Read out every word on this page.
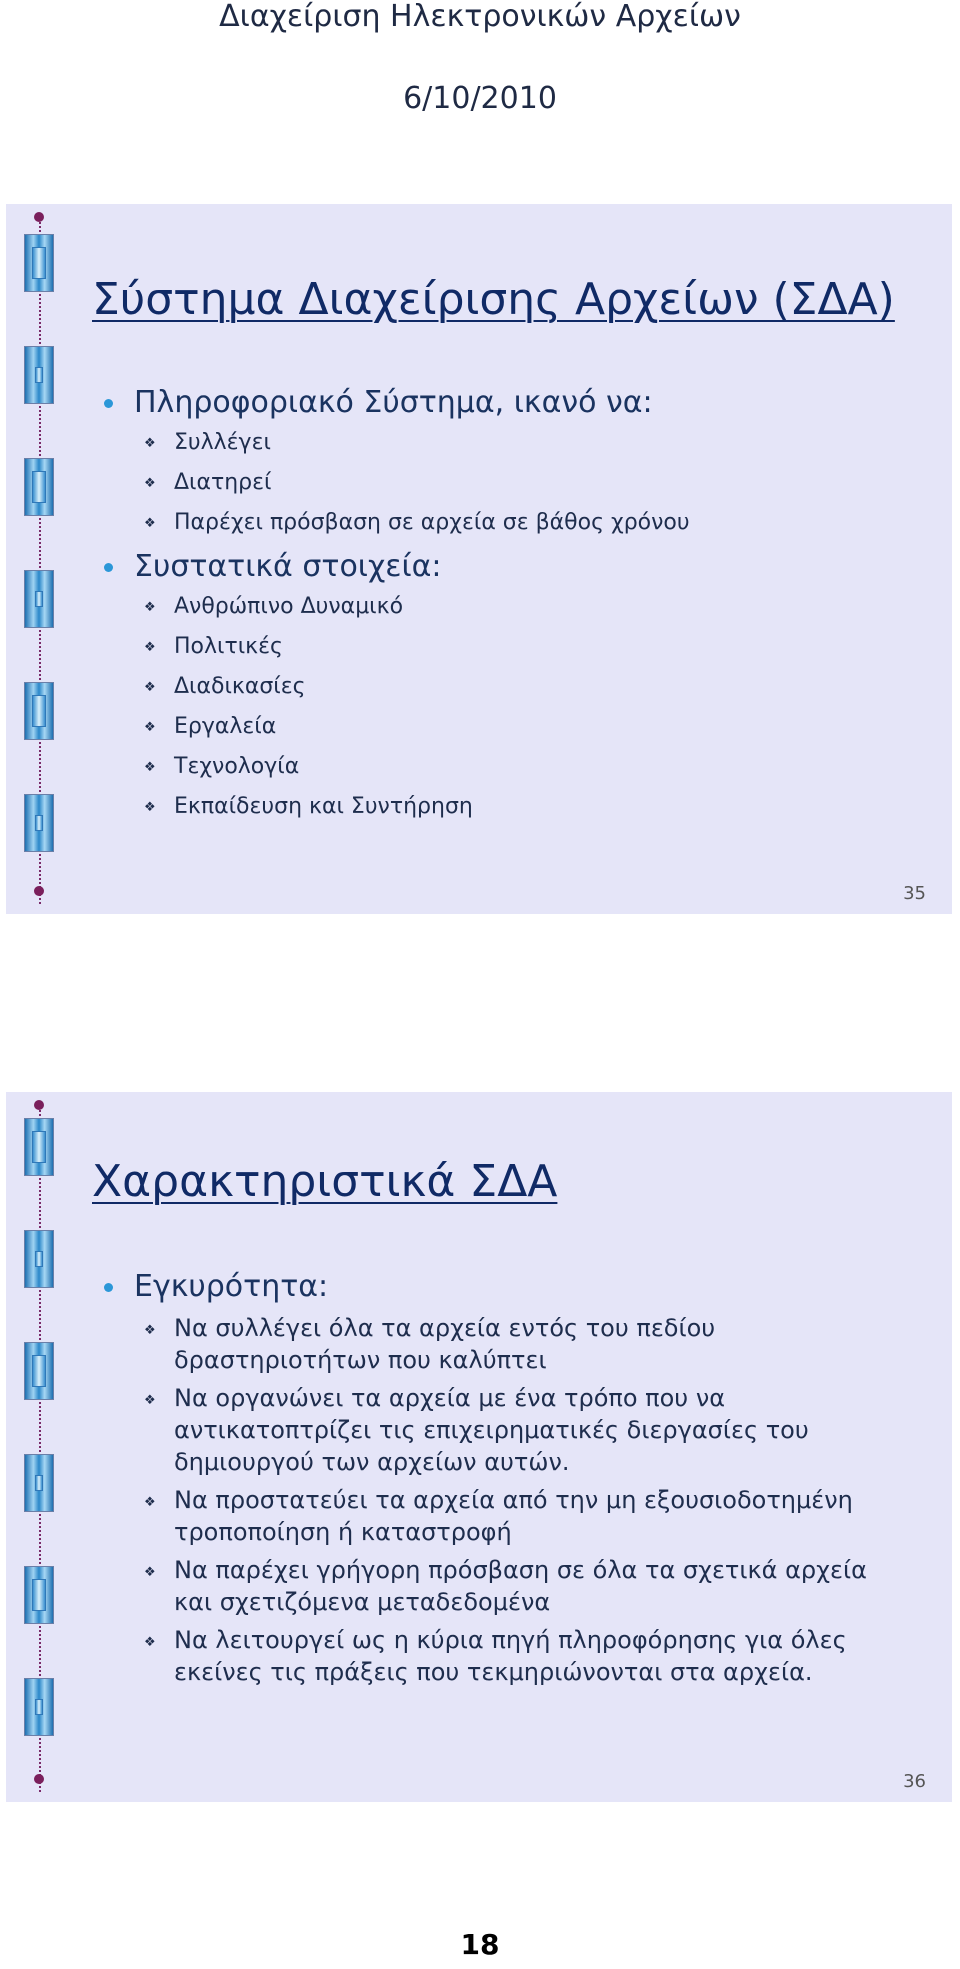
Διαχείριση Ηλεκτρονικών Αρχείων
6/10/2010
Σύστημα Διαχείρισης Αρχείων (ΣΔΑ)
Πληροφοριακό Σύστημα, ικανό να:
❖ Συλλέγει
❖ Διατηρεί
❖ Παρέχει πρόσβαση σε αρχεία σε βάθος χρόνου
Συστατικά στοιχεία:
❖ Ανθρώπινο Δυναμικό
❖ Πολιτικές
❖ Διαδικασίες
❖ Εργαλεία
❖ Τεχνολογία
❖ Εκπαίδευση και Συντήρηση
35
Χαρακτηριστικά ΣΔΑ
Εγκυρότητα:
❖ Να συλλέγει όλα τα αρχεία εντός του πεδίου δραστηριοτήτων που καλύπτει
❖ Να οργανώνει τα αρχεία με ένα τρόπο που να αντικατοπτρίζει τις επιχειρηματικές διεργασίες του δημιουργού των αρχείων αυτών.
❖ Να προστατεύει τα αρχεία από την μη εξουσιοδοτημένη τροποποίηση ή καταστροφή
❖ Να παρέχει γρήγορη πρόσβαση σε όλα τα σχετικά αρχεία και σχετιζόμενα μεταδεδομένα
❖ Να λειτουργεί ως η κύρια πηγή πληροφόρησης για όλες εκείνες τις πράξεις που τεκμηριώνονται στα αρχεία.
36
18
